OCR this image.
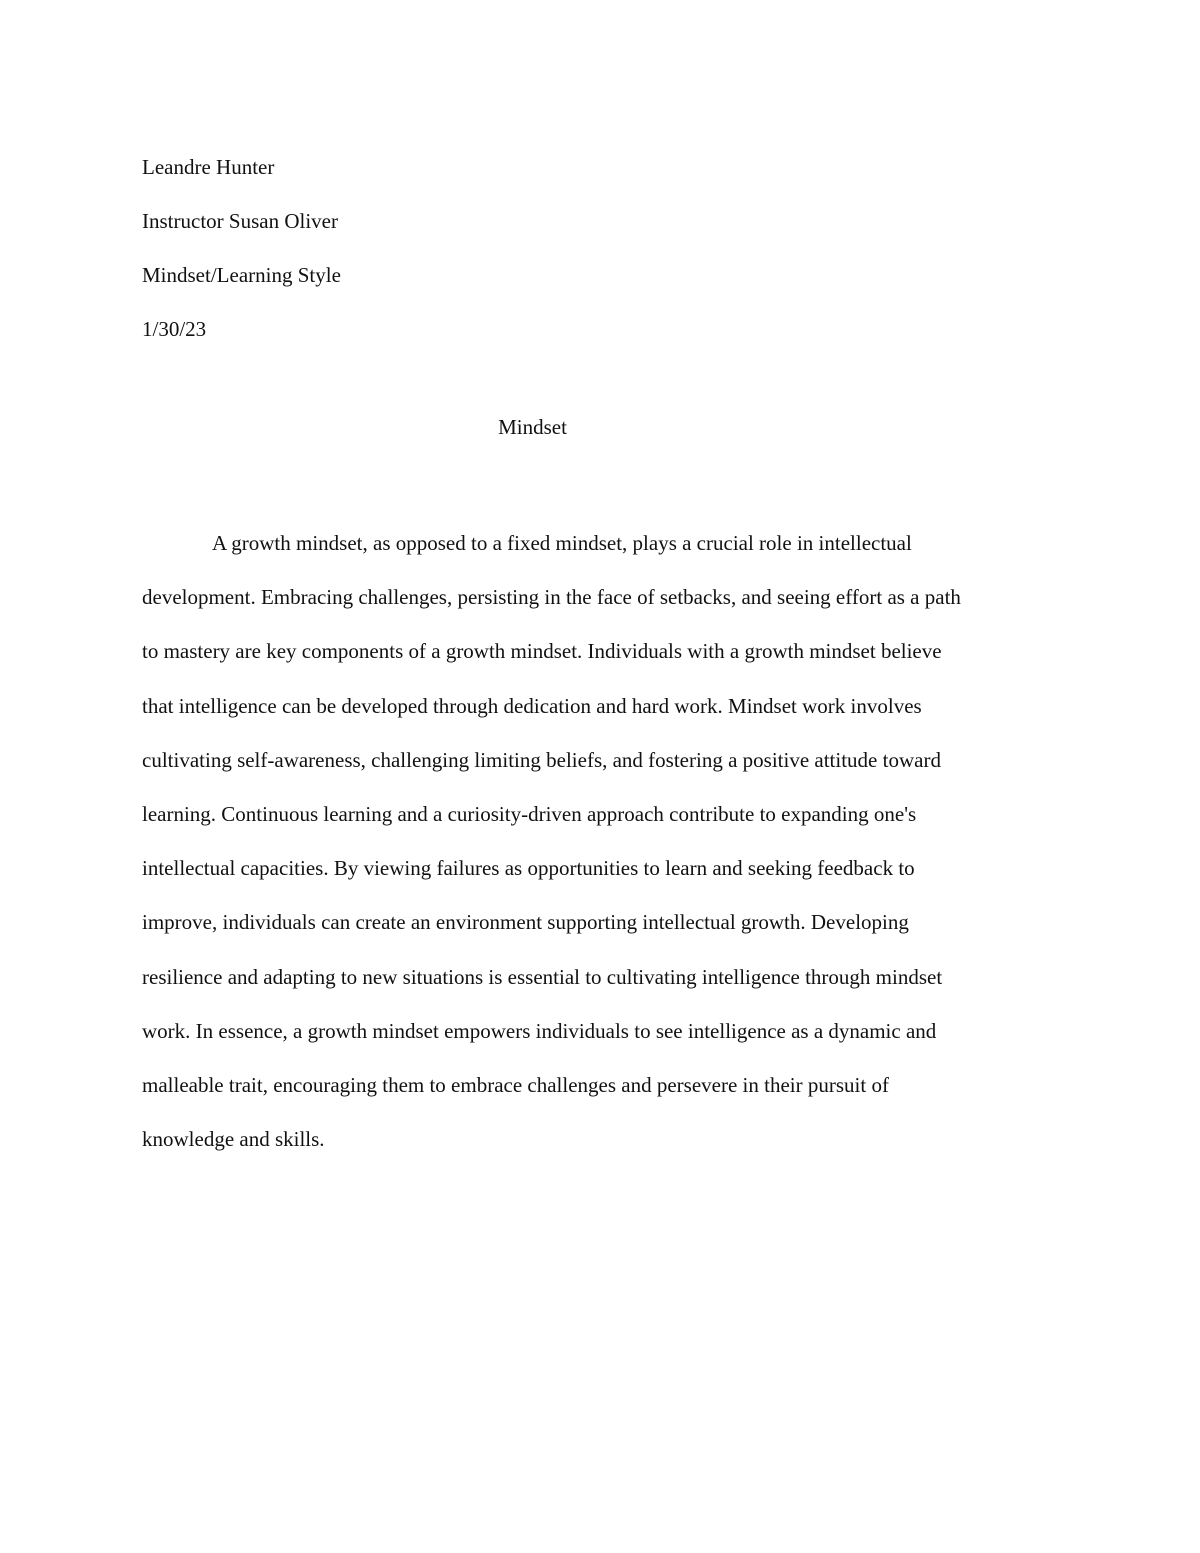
Leandre Hunter
Instructor Susan Oliver
Mindset/Learning Style
1/30/23
Mindset
A growth mindset, as opposed to a fixed mindset, plays a crucial role in intellectual
development. Embracing challenges, persisting in the face of setbacks, and seeing effort as a path
to mastery are key components of a growth mindset. Individuals with a growth mindset believe
that intelligence can be developed through dedication and hard work. Mindset work involves
cultivating self-awareness, challenging limiting beliefs, and fostering a positive attitude toward
learning. Continuous learning and a curiosity-driven approach contribute to expanding one's
intellectual capacities. By viewing failures as opportunities to learn and seeking feedback to
improve, individuals can create an environment supporting intellectual growth. Developing
resilience and adapting to new situations is essential to cultivating intelligence through mindset
work. In essence, a growth mindset empowers individuals to see intelligence as a dynamic and
malleable trait, encouraging them to embrace challenges and persevere in their pursuit of
knowledge and skills.
